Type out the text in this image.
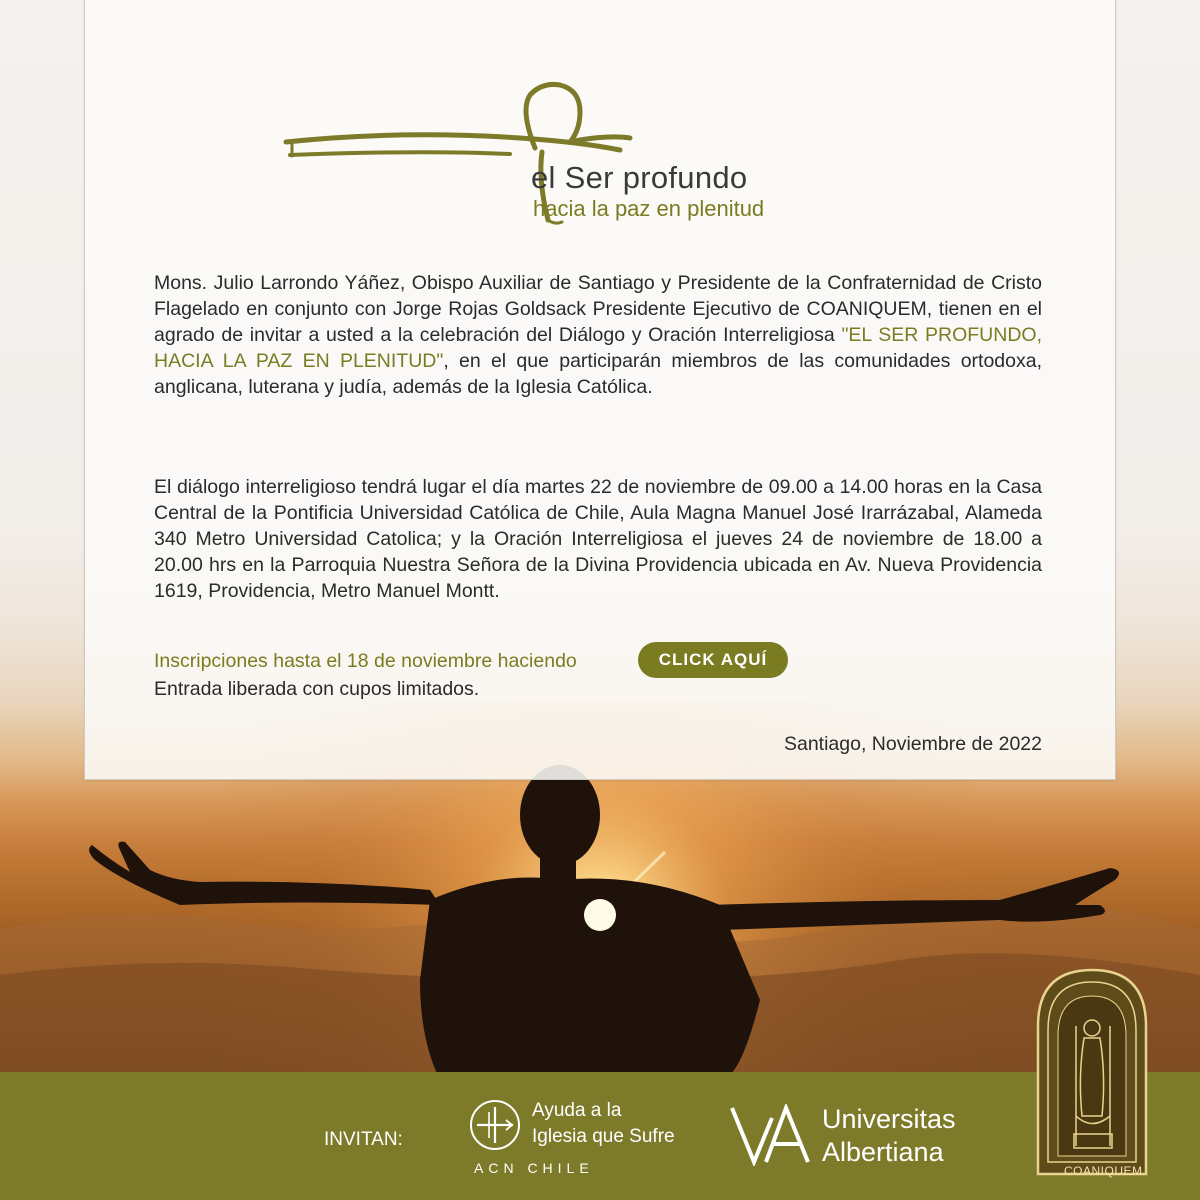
el Ser profundo
hacia la paz en plenitud

Mons. Julio Larrondo Yáñez, Obispo Auxiliar de Santiago y Presidente de la Confraternidad de Cristo Flagelado en conjunto con Jorge Rojas Goldsack Presidente Ejecutivo de COANIQUEM, tienen en el agrado de invitar a usted a la celebración del Diálogo y Oración Interreligiosa "EL SER PROFUNDO, HACIA LA PAZ EN PLENITUD", en el que participarán miembros de las comunidades ortodoxa, anglicana, luterana y judía, además de la Iglesia Católica.

El diálogo interreligioso tendrá lugar el día martes 22 de noviembre de 09.00 a 14.00 horas en la Casa Central de la Pontificia Universidad Católica de Chile, Aula Magna Manuel José Irarrázabal, Alameda 340 Metro Universidad Catolica; y la Oración Interreligiosa el jueves 24 de noviembre de 18.00 a 20.00 hrs en la Parroquia Nuestra Señora de la Divina Providencia ubicada en Av. Nueva Providencia 1619, Providencia, Metro Manuel Montt.

Inscripciones hasta el 18 de noviembre haciendo	CLICK AQUÍ
Entrada liberada con cupos limitados.
Santiago, Noviembre de 2022
INVITAN:
Ayuda a la
Iglesia que Sufre
ACN CHILE
Universitas
Albertiana
COANIQUEM
